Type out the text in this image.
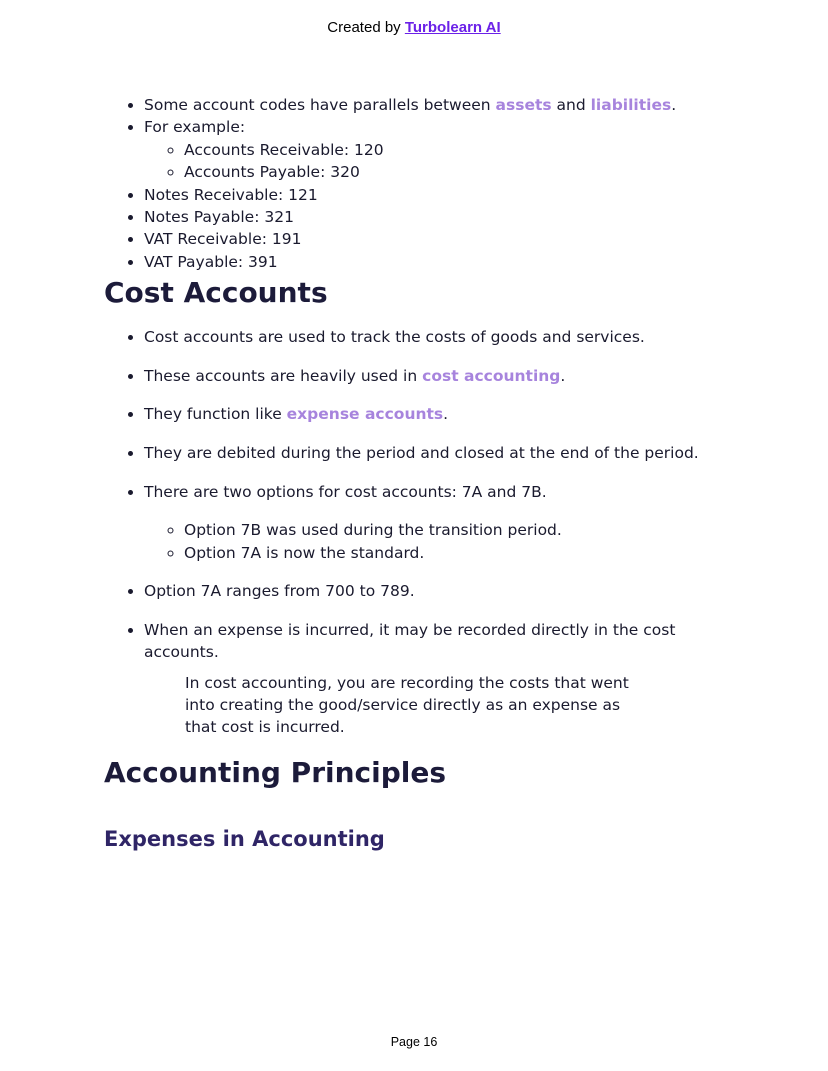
Created by Turbolearn AI
• Some account codes have parallels between assets and liabilities.
• For example:
◦ Accounts Receivable: 120
◦ Accounts Payable: 320
• Notes Receivable: 121
• Notes Payable: 321
• VAT Receivable: 191
• VAT Payable: 391
Cost Accounts
• Cost accounts are used to track the costs of goods and services.
• These accounts are heavily used in cost accounting.
• They function like expense accounts.
• They are debited during the period and closed at the end of the period.
• There are two options for cost accounts: 7A and 7B.
◦ Option 7B was used during the transition period.
◦ Option 7A is now the standard.
• Option 7A ranges from 700 to 789.
• When an expense is incurred, it may be recorded directly in the cost accounts.

In cost accounting, you are recording the costs that went into creating the good/service directly as an expense as that cost is incurred.

Accounting Principles
Expenses in Accounting
Page 16
